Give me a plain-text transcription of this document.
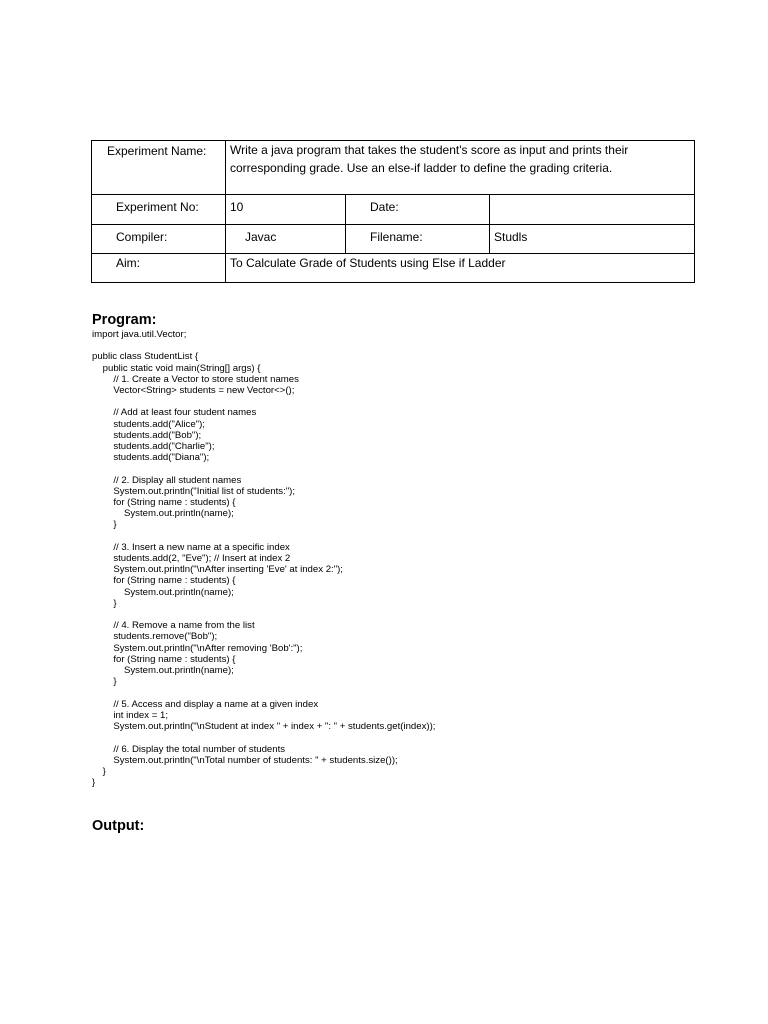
Experiment Name:	Write a java program that takes the student's score as input and prints their corresponding grade. Use an else-if ladder to define the grading criteria.		

Experiment No:	10	Date:	

Compiler:	Javac	Filename:	Studls

Aim:	To Calculate Grade of Students using Else if Ladder		
Program:
import java.util.Vector;

public class StudentList {
public static void main(String[] args) {
// 1. Create a Vector to store student names
Vector<String> students = new Vector<>();

// Add at least four student names
students.add("Alice");
students.add("Bob");
students.add("Charlie");
students.add("Diana");

// 2. Display all student names
System.out.println("Initial list of students:");
for (String name : students) {
System.out.println(name);
}

// 3. Insert a new name at a specific index
students.add(2, "Eve"); // Insert at index 2
System.out.println("\nAfter inserting 'Eve' at index 2:");
for (String name : students) {
System.out.println(name);
}

// 4. Remove a name from the list
students.remove("Bob");
System.out.println("\nAfter removing 'Bob':");
for (String name : students) {
System.out.println(name);
}

// 5. Access and display a name at a given index
int index = 1;
System.out.println("\nStudent at index " + index + ": " + students.get(index));

// 6. Display the total number of students
System.out.println("\nTotal number of students: " + students.size());
}
}
Output:
